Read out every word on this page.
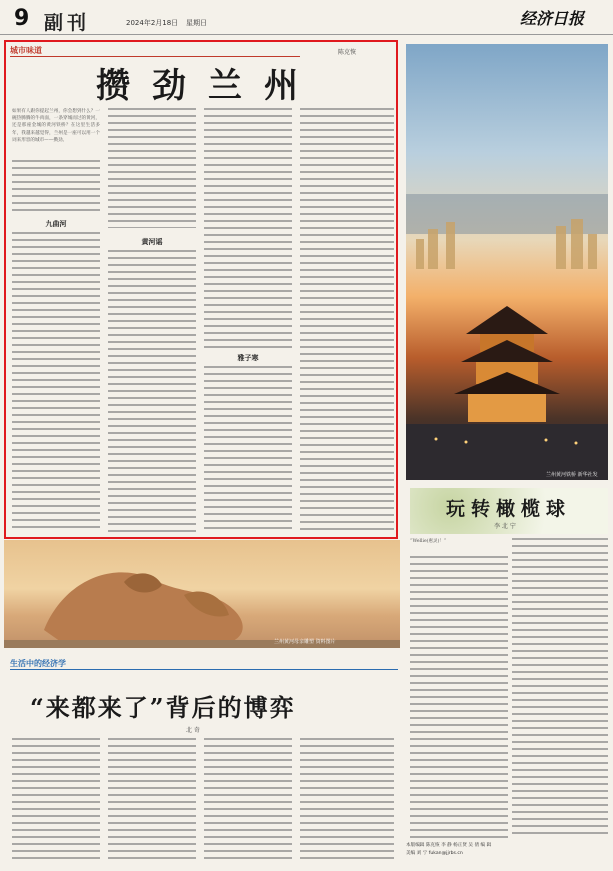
9 副刊	2024年2月18日 星期日	经济日报
城市味道	陈克恢
攒劲兰州
如果有人跟你提起兰州，你会想到什么？一碗热腾腾的牛肉面，一条穿城而过的黄河，还是那座金城的黄河铁桥？在这里生活多年，我越来越觉得，兰州是一座可以用一个词来形容的城市——攒劲。
九曲河
黄河谣
雅子寒
兰州黄河铁桥 新华社发
玩转橄榄球
李 北 宁
“Wellie(惠灵)！”
兰州黄河母亲雕塑 资料图片
生活中的经济学
“来都来了”背后的博弈
北 奇
本版编辑 陈克恢 李 静 杨正贤 吴 倩 编 辑
美编 刘 宁 fukan@jjrbs.cn
